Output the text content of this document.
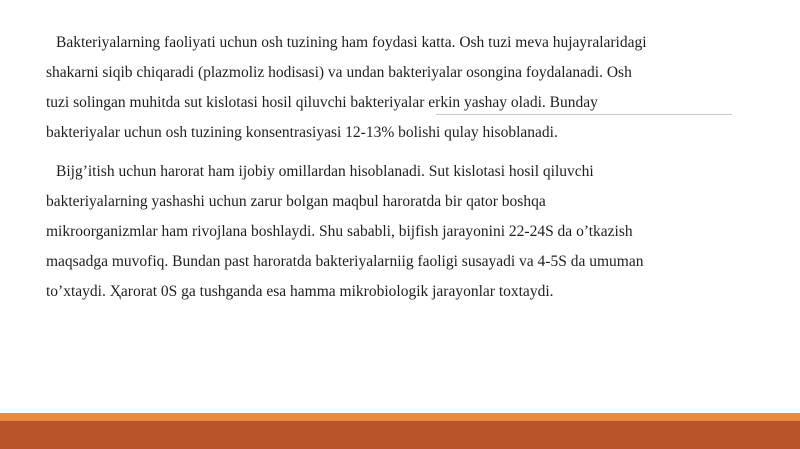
Bakteriyalarning faoliyati uchun osh tuzining ham foydasi katta. Osh tuzi meva hujayralaridagi
shakarni siqib chiqaradi (plazmoliz hodisasi) va undan bakteriyalar osongina foydalanadi. Osh
tuzi solingan muhitda sut kislotasi hosil qiluvchi bakteriyalar erkin yashay oladi. Bunday
bakteriyalar uchun osh tuzining konsentrasiyasi 12-13% bolishi qulay hisoblanadi.

Bijg’itish uchun harorat ham ijobiy omillardan hisoblanadi. Sut kislotasi hosil qiluvchi
bakteriyalarning yashashi uchun zarur bolgan maqbul haroratda bir qator boshqa
mikroorganizmlar ham rivojlana boshlaydi. Shu sababli, bijfish jarayonini 22-24S da o’tkazish
maqsadga muvofiq. Bundan past haroratda bakteriyalarniig faoligi susayadi va 4-5S da umuman
to’xtaydi. Ҳarorat 0S ga tushganda esa hamma mikrobiologik jarayonlar toxtaydi.
